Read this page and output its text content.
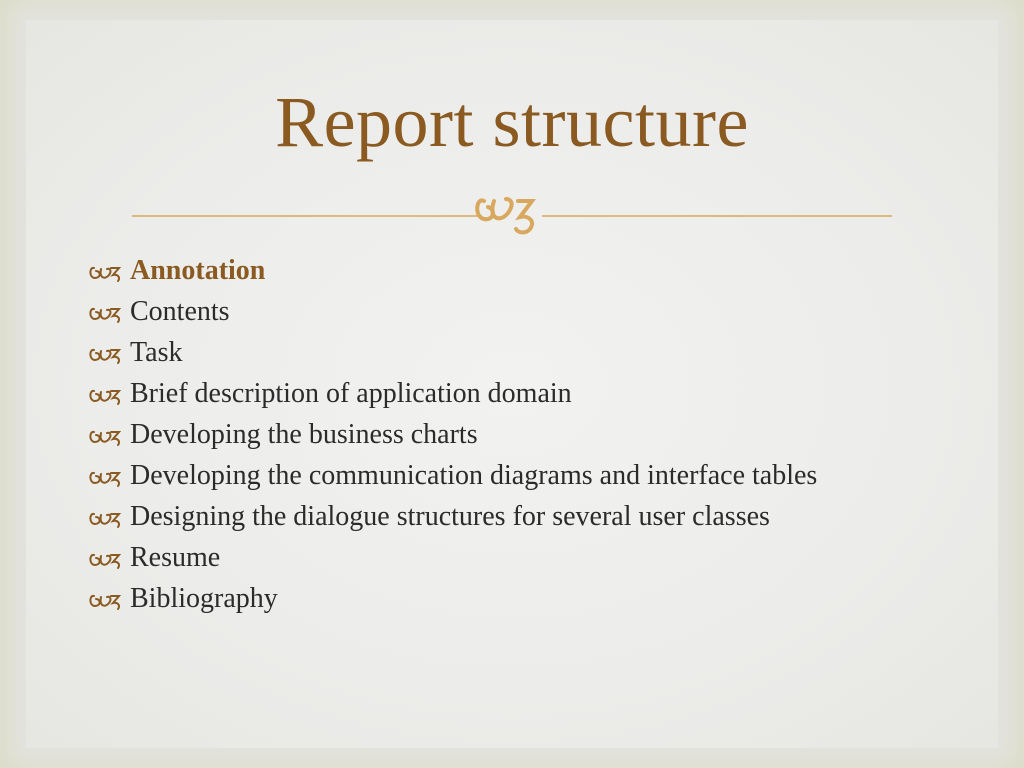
Report structure
Annotation
Contents
Task
Brief description of application domain
Developing the business charts
Developing the communication diagrams and interface tables
Designing the dialogue structures for several user classes
Resume
Bibliography
